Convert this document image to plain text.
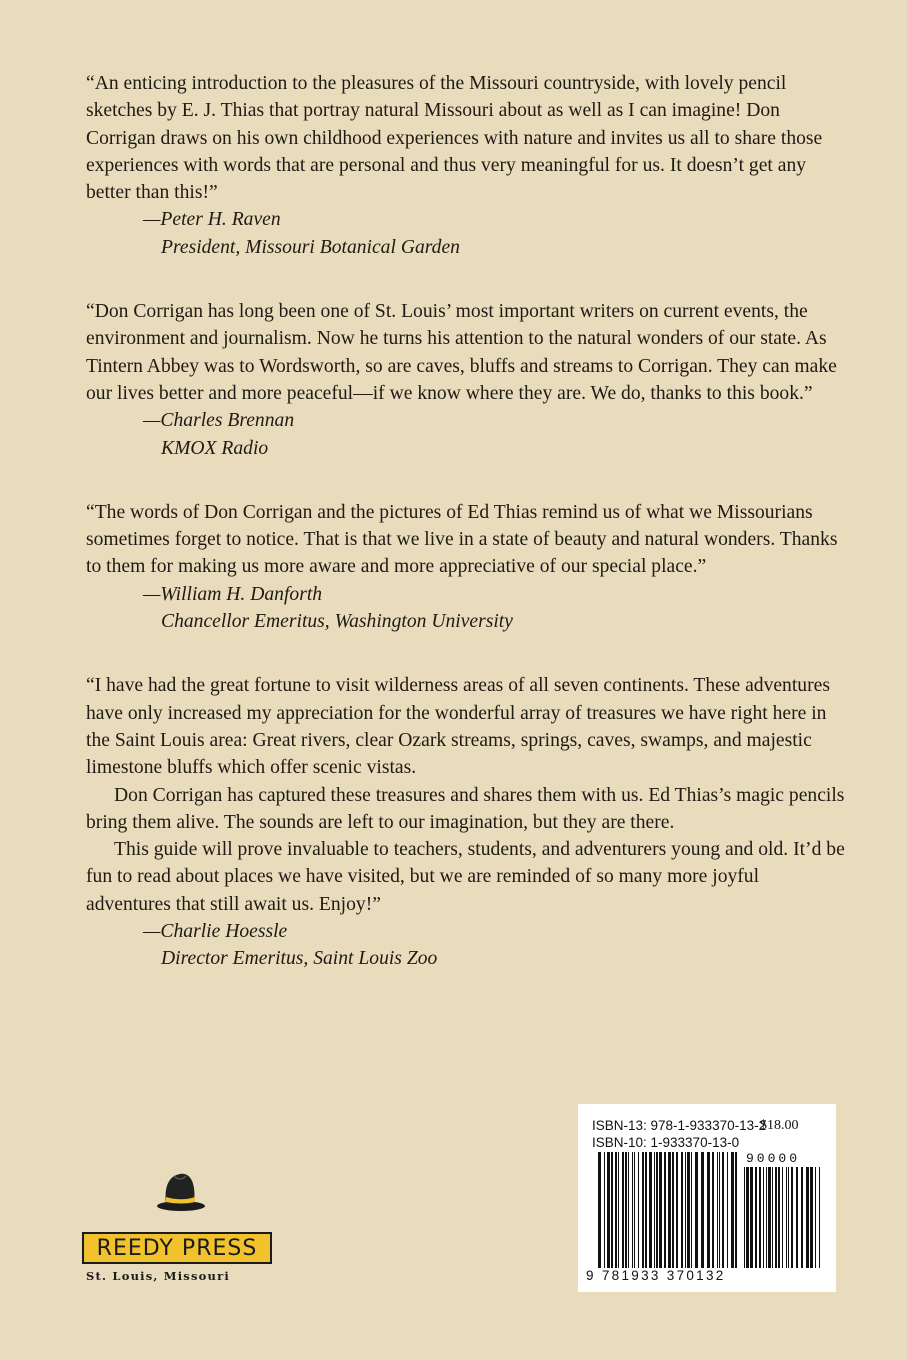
“An enticing introduction to the pleasures of the Missouri countryside, with lovely pencil sketches by E. J. Thias that portray natural Missouri about as well as I can imagine! Don Corrigan draws on his own childhood experiences with nature and invites us all to share those experiences with words that are personal and thus very meaningful for us. It doesn’t get any better than this!”

—Peter H. Raven
President, Missouri Botanical Garden

“Don Corrigan has long been one of St. Louis’ most important writers on current events, the environment and journalism. Now he turns his attention to the natural wonders of our state. As Tintern Abbey was to Wordsworth, so are caves, bluffs and streams to Corrigan. They can make our lives better and more peaceful—if we know where they are. We do, thanks to this book.”

—Charles Brennan
KMOX Radio

“The words of Don Corrigan and the pictures of Ed Thias remind us of what we Missourians sometimes forget to notice. That is that we live in a state of beauty and natural wonders. Thanks to them for making us more aware and more appreciative of our special place.”

—William H. Danforth
Chancellor Emeritus, Washington University

“I have had the great fortune to visit wilderness areas of all seven continents. These adventures have only increased my appreciation for the wonderful array of treasures we have right here in the Saint Louis area: Great rivers, clear Ozark streams, springs, caves, swamps, and majestic limestone bluffs which offer scenic vistas.

Don Corrigan has captured these treasures and shares them with us. Ed Thias’s magic pencils bring them alive. The sounds are left to our imagination, but they are there.

This guide will prove invaluable to teachers, students, and adventurers young and old. It’d be fun to read about places we have visited, but we are reminded of so many more joyful adventures that still await us. Enjoy!”

—Charlie Hoessle
Director Emeritus, Saint Louis Zoo
REEDY PRESS
St. Louis, Missouri
ISBN-13: 978-1-933370-13-2
$18.00
ISBN-10: 1-933370-13-0
90000
9 781933 370132
